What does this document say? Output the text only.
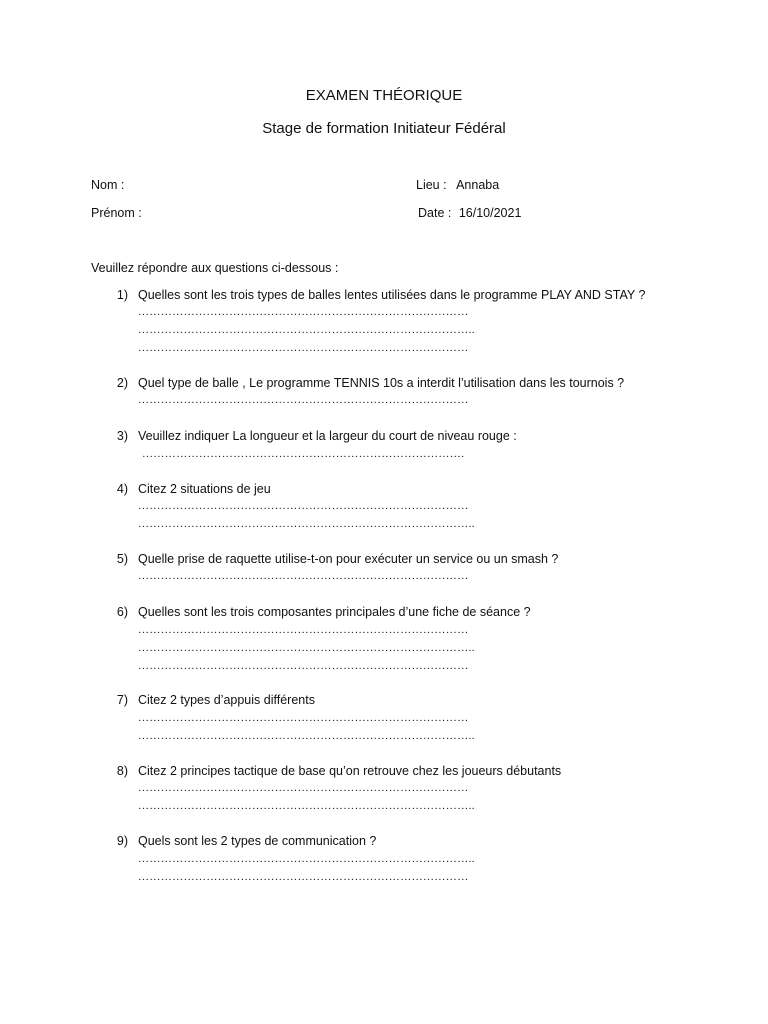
EXAMEN THÉORIQUE
Stage de formation Initiateur Fédéral
Nom :
Prénom :
Lieu : Annaba
Date : 16/10/2021
Veuillez répondre aux questions ci-dessous :
1) Quelles sont les trois types de balles lentes utilisées dans le programme PLAY AND STAY ?
……………………………………………………………………………
……………………………………………………………………………..
……………………………………………………………………………
2) Quel type de balle , Le programme TENNIS 10s a interdit l’utilisation dans les tournois ?
……………………………………………………………………………
3) Veuillez indiquer La longueur et la largeur du court de niveau rouge :
………………………………………………………………………….
4) Citez 2 situations de jeu
……………………………………………………………………………
……………………………………………………………………………..
5) Quelle prise de raquette utilise-t-on pour exécuter un service ou un smash ?
……………………………………………………………………………
6) Quelles sont les trois composantes principales d’une fiche de séance ?
……………………………………………………………………………
……………………………………………………………………………..
……………………………………………………………………………
7) Citez 2 types d’appuis différents
……………………………………………………………………………
……………………………………………………………………………..
8) Citez 2 principes tactique de base qu’on retrouve chez les joueurs débutants
……………………………………………………………………………
……………………………………………………………………………..
9) Quels sont les 2 types de communication ?
……………………………………………………………………………..
……………………………………………………………………………
